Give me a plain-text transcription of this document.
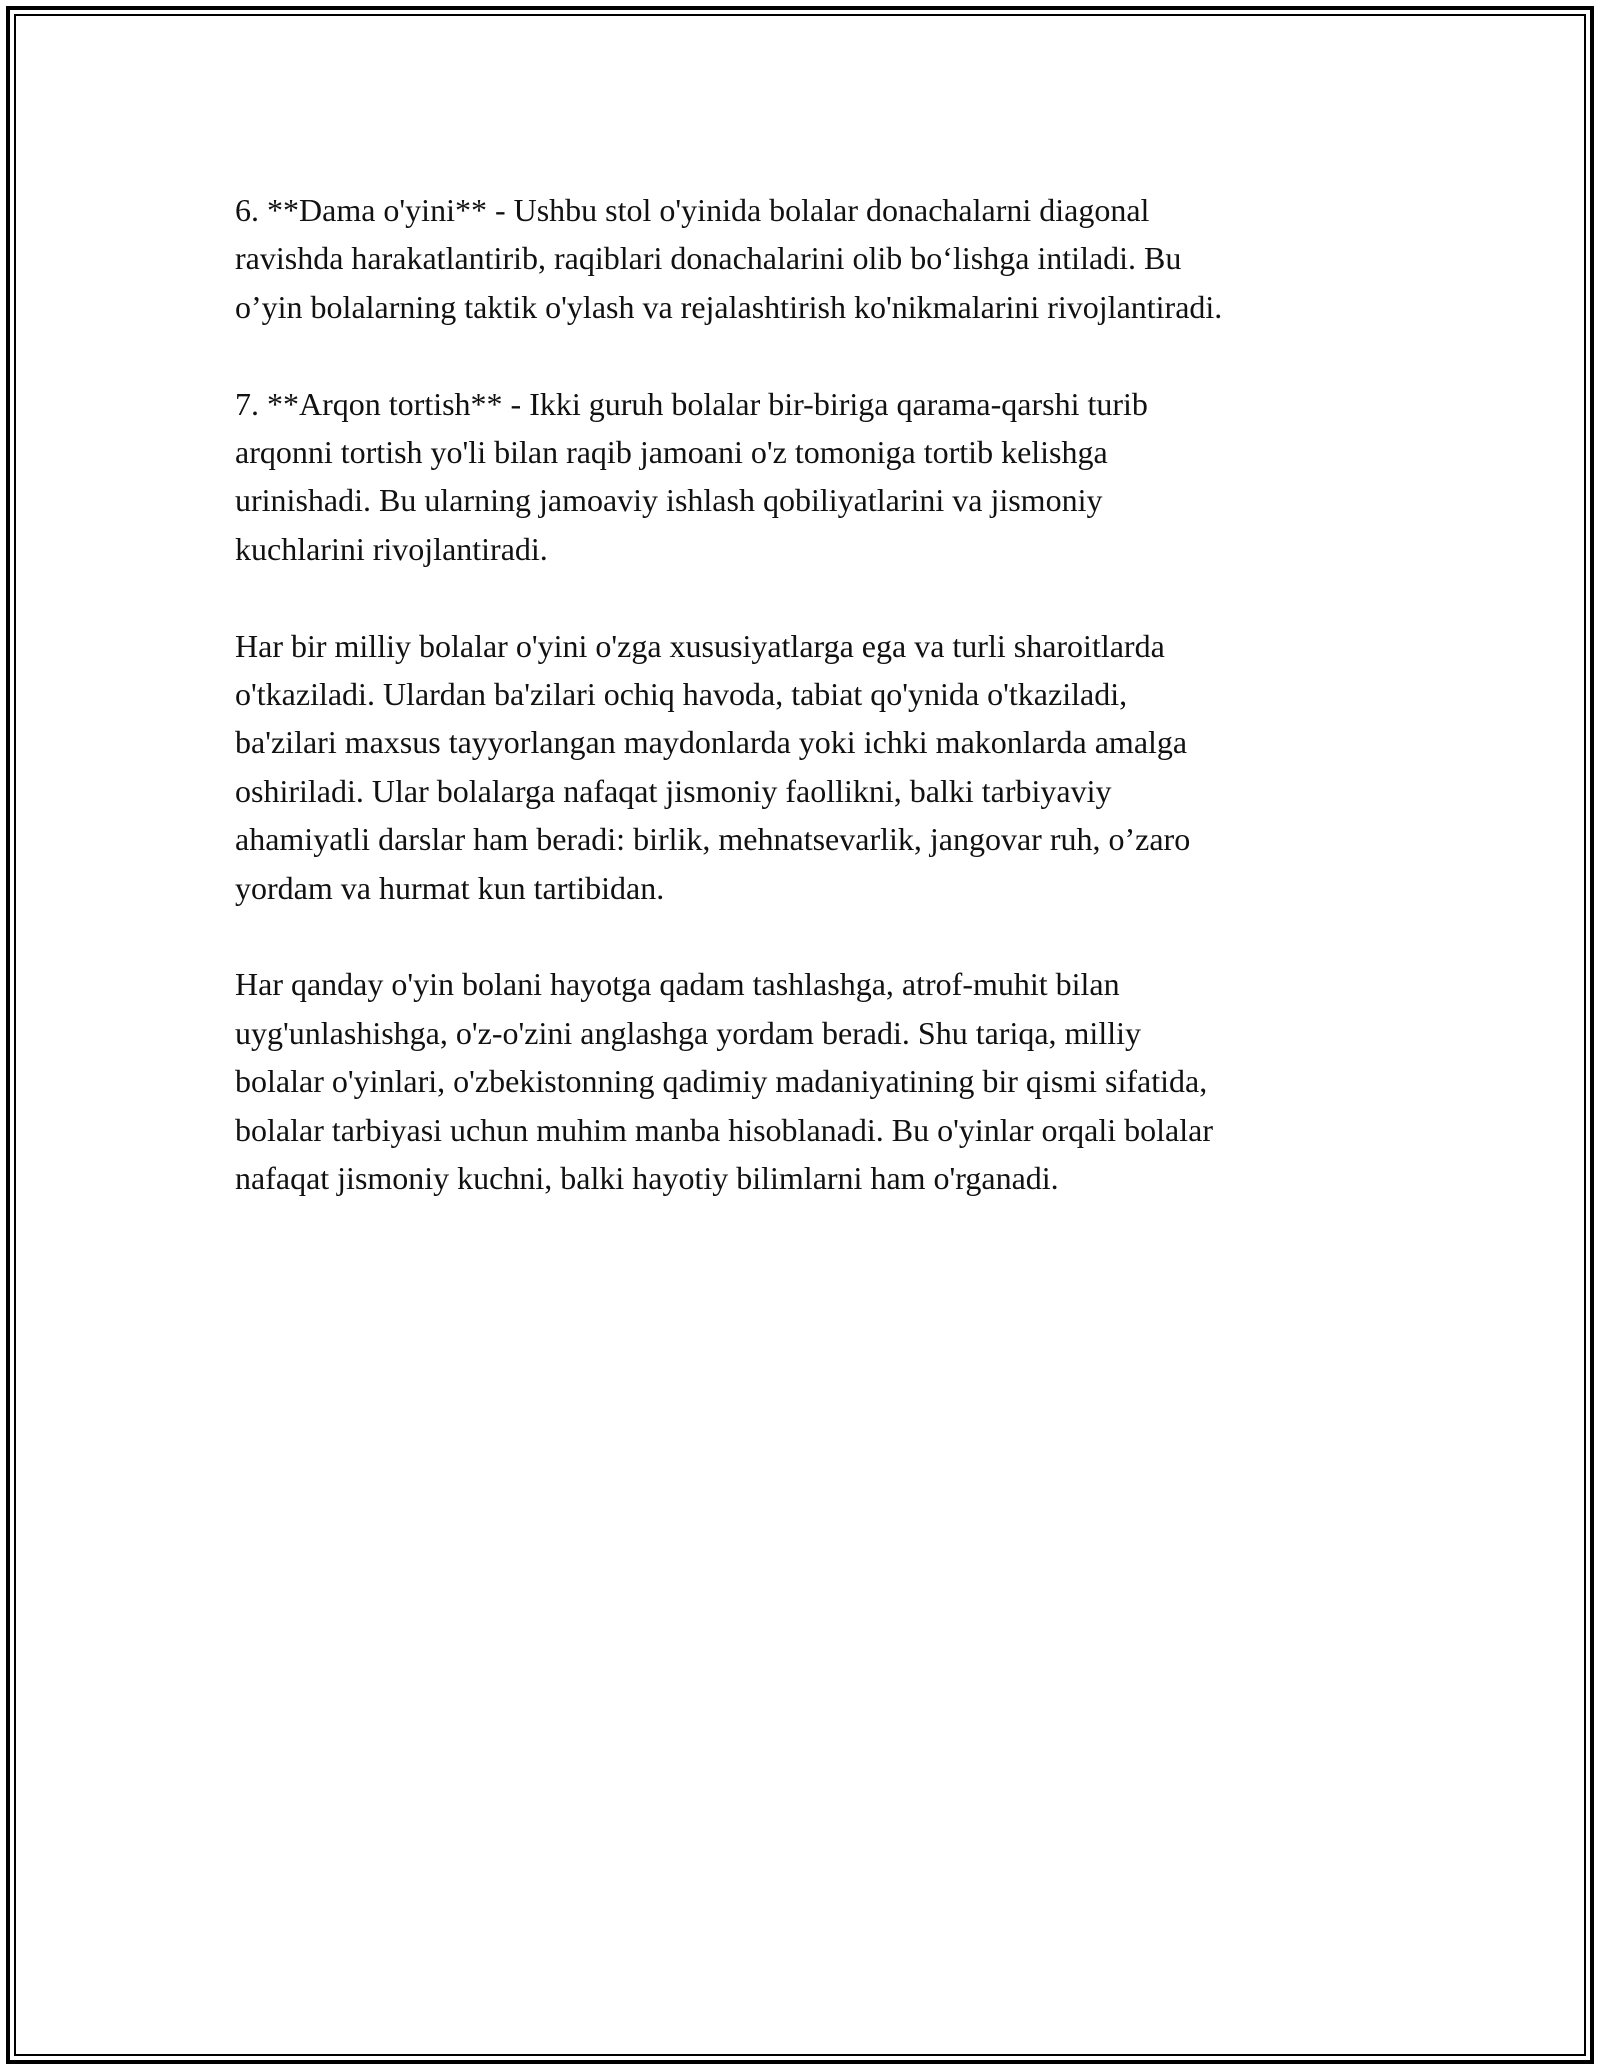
6. **Dama o'yini** - Ushbu stol o'yinida bolalar donachalarni diagonal
ravishda harakatlantirib, raqiblari donachalarini olib bo‘lishga intiladi. Bu
o’yin bolalarning taktik o'ylash va rejalashtirish ko'nikmalarini rivojlantiradi.

7. **Arqon tortish** - Ikki guruh bolalar bir-biriga qarama-qarshi turib
arqonni tortish yo'li bilan raqib jamoani o'z tomoniga tortib kelishga
urinishadi. Bu ularning jamoaviy ishlash qobiliyatlarini va jismoniy
kuchlarini rivojlantiradi.

Har bir milliy bolalar o'yini o'zga xususiyatlarga ega va turli sharoitlarda
o'tkaziladi. Ulardan ba'zilari ochiq havoda, tabiat qo'ynida o'tkaziladi,
ba'zilari maxsus tayyorlangan maydonlarda yoki ichki makonlarda amalga
oshiriladi. Ular bolalarga nafaqat jismoniy faollikni, balki tarbiyaviy
ahamiyatli darslar ham beradi: birlik, mehnatsevarlik, jangovar ruh, o’zaro
yordam va hurmat kun tartibidan.

Har qanday o'yin bolani hayotga qadam tashlashga, atrof-muhit bilan
uyg'unlashishga, o'z-o'zini anglashga yordam beradi. Shu tariqa, milliy
bolalar o'yinlari, o'zbekistonning qadimiy madaniyatining bir qismi sifatida,
bolalar tarbiyasi uchun muhim manba hisoblanadi. Bu o'yinlar orqali bolalar
nafaqat jismoniy kuchni, balki hayotiy bilimlarni ham o'rganadi.
